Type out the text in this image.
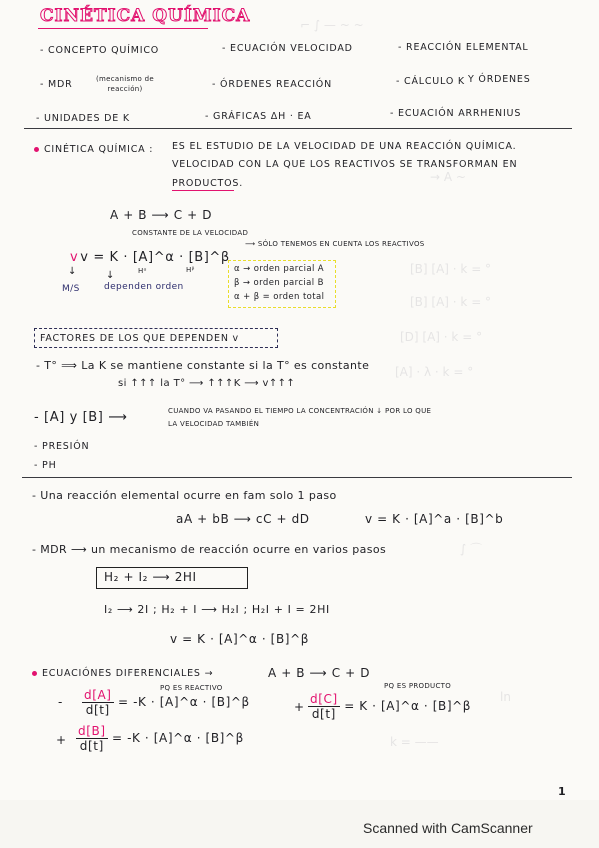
⌐ ∫ — ~ ~
→ A ~
[B] [A] · k = °
[B] [A] · k = °
[D] [A] · k = °
[A] · λ · k = °
∫ ⌒
ln
k = ——
CINÉTICA QUÍMICA
- CONCEPTO QUÍMICO	- ECUACIÓN VELOCIDAD	- REACCIÓN ELEMENTAL
- MDR	(mecanismo de reacción)	- ÓRDENES REACCIÓN	- CÁLCULO K Y ÓRDENES
- UNIDADES DE K	- GRÁFICAS ΔH · EA	- ECUACIÓN ARRHENIUS
CINÉTICA QUÍMICA : ES EL ESTUDIO DE LA VELOCIDAD DE UNA REACCIÓN QUÍMICA.
VELOCIDAD CON LA QUE LOS REACTIVOS SE TRANSFORMAN EN
PRODUCTOS.
A + B ⟶ C + D
CONSTANTE DE LA VELOCIDAD
v v = K · [A]^α · [B]^β
⟶ SÓLO TENEMOS EN CUENTA LOS REACTIVOS
Hᵅ	Hᵝ
↓	↓
M/S	dependen orden
α → orden parcial A
β → orden parcial B
α + β = orden total
FACTORES DE LOS QUE DEPENDEN v
- T° ⟹ La K se mantiene constante si la T° es constante
si ↑↑↑ la T° ⟶ ↑↑↑K ⟶ v↑↑↑
- [A] y [B] ⟶	CUANDO VA PASANDO EL TIEMPO LA CONCENTRACIÓN ↓ POR LO QUE
LA VELOCIDAD TAMBIÉN
- PRESIÓN
- PH
- Una reacción elemental ocurre en fam solo 1 paso
aA + bB ⟶ cC + dD	v = K · [A]^a · [B]^b
- MDR ⟶ un mecanismo de reacción ocurre en varios pasos
H₂ + I₂ ⟶ 2HI
I₂ ⟶ 2I ; H₂ + I ⟶ H₂I ; H₂I + I = 2HI
v = K · [A]^α · [B]^β
ECUACIÓNES DIFERENCIALES →	A + B ⟶ C + D
PQ ES REACTIVO	PQ ES PRODUCTO
- $\frac{d[A]}{d[t]} = -K$ · [A]^α · [B]^β
+ $\frac{d[B]}{d[t]} = -K$ · [A]^α · [B]^β
+ $\frac{d[C]}{d[t]} = K$ · [A]^α · [B]^β
1
Scanned with CamScanner
